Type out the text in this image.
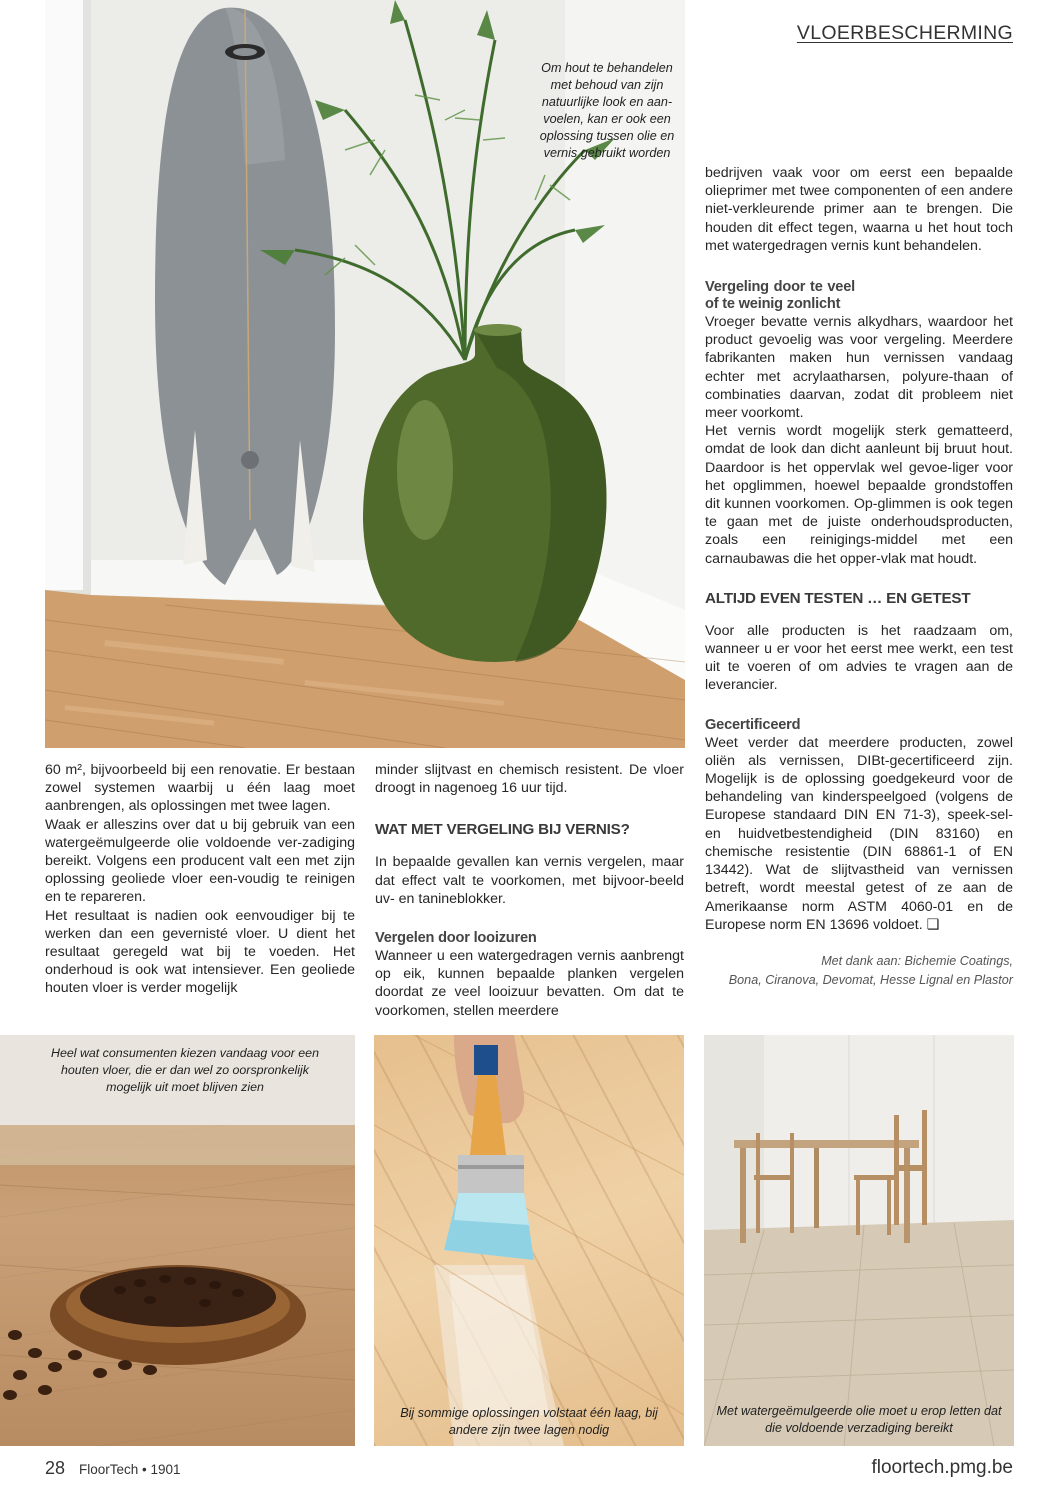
VLOERBESCHERMING
Om hout te behandelen met behoud van zijn natuurlijke look en aan-voelen, kan er ook een oplossing tussen olie en vernis gebruikt worden

bedrijven vaak voor om eerst een bepaalde olieprimer met twee componenten of een andere niet-verkleurende primer aan te brengen. Die houden dit effect tegen, waarna u het hout toch met watergedragen vernis kunt behandelen.

Vergeling door te veel of te weinig zonlicht

Vroeger bevatte vernis alkydhars, waardoor het product gevoelig was voor vergeling. Meerdere fabrikanten maken hun vernissen vandaag echter met acrylaatharsen, polyure-thaan of combinaties daarvan, zodat dit probleem niet meer voorkomt.

Het vernis wordt mogelijk sterk gematteerd, omdat de look dan dicht aanleunt bij bruut hout. Daardoor is het oppervlak wel gevoe-liger voor het opglimmen, hoewel bepaalde grondstoffen dit kunnen voorkomen. Op-glimmen is ook tegen te gaan met de juiste onderhoudsproducten, zoals een reinigings-middel met een carnaubawas die het opper-vlak mat houdt.

ALTIJD EVEN TESTEN … EN GETEST

Voor alle producten is het raadzaam om, wanneer u er voor het eerst mee werkt, een test uit te voeren of om advies te vragen aan de leverancier.

Gecertificeerd

Weet verder dat meerdere producten, zowel oliën als vernissen, DIBt-gecertificeerd zijn. Mogelijk is de oplossing goedgekeurd voor de behandeling van kinderspeelgoed (volgens de Europese standaard DIN EN 71-3), speek-sel- en huidvetbestendigheid (DIN 83160) en chemische resistentie (DIN 68861-1 of EN 13442). Wat de slijtvastheid van vernissen betreft, wordt meestal getest of ze aan de Amerikaanse norm ASTM 4060-01 en de Europese norm EN 13696 voldoet. ❑

Met dank aan: Bichemie Coatings,
Bona, Ciranova, Devomat, Hesse Lignal en Plastor

60 m², bijvoorbeeld bij een renovatie. Er bestaan zowel systemen waarbij u één laag moet aanbrengen, als oplossingen met twee lagen.

Waak er alleszins over dat u bij gebruik van een watergeëmulgeerde olie voldoende ver-zadiging bereikt. Volgens een producent valt een met zijn oplossing geoliede vloer een-voudig te reinigen en te repareren.

Het resultaat is nadien ook eenvoudiger bij te werken dan een gevernisté vloer. U dient het resultaat geregeld wat bij te voeden. Het onderhoud is ook wat intensiever. Een geoliede houten vloer is verder mogelijk

minder slijtvast en chemisch resistent. De vloer droogt in nagenoeg 16 uur tijd.

WAT MET VERGELING BIJ VERNIS?

In bepaalde gevallen kan vernis vergelen, maar dat effect valt te voorkomen, met bijvoor-beeld uv- en tanineblokker.

Vergelen door looizuren

Wanneer u een watergedragen vernis aanbrengt op eik, kunnen bepaalde planken vergelen doordat ze veel looizuur bevatten. Om dat te voorkomen, stellen meerdere

Heel wat consumenten kiezen vandaag voor een houten vloer, die er dan wel zo oorspronkelijk mogelijk uit moet blijven zien
Bij sommige oplossingen volstaat één laag, bij andere zijn twee lagen nodig
Met watergeëmulgeerde olie moet u erop letten dat die voldoende verzadiging bereikt
28 FloorTech • 1901	floortech.pmg.be
